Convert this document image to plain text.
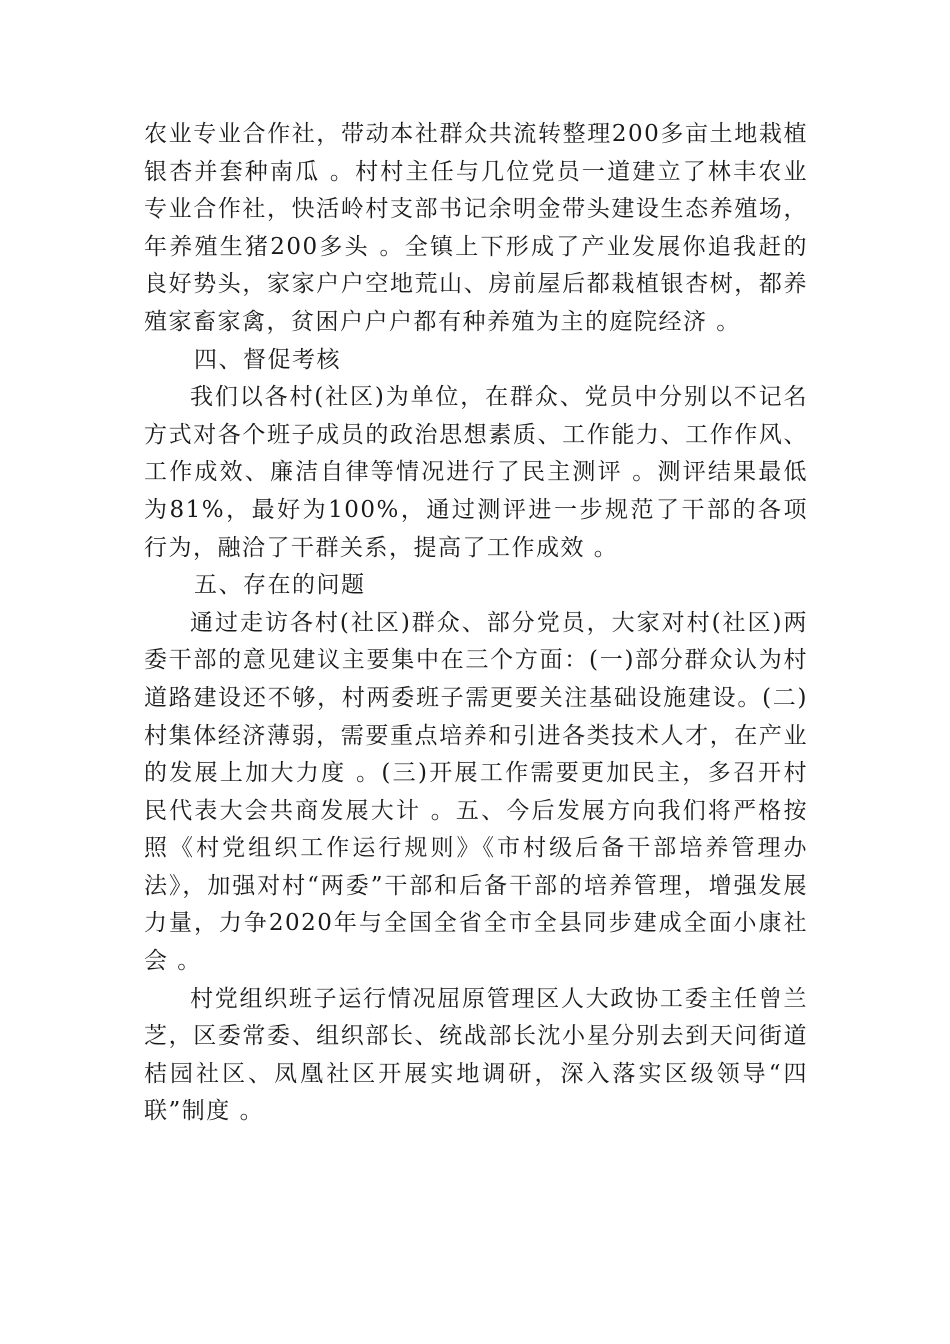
农业专业合作社，带动本社群众共流转整理200多亩土地栽植银杏并套种南瓜 。村村主任与几位党员一道建立了林丰农业专业合作社，快活岭村支部书记余明金带头建设生态养殖场，年养殖生猪200多头 。全镇上下形成了产业发展你追我赶的良好势头，家家户户空地荒山、房前屋后都栽植银杏树，都养殖家畜家禽，贫困户户户都有种养殖为主的庭院经济 。

四、督促考核

我们以各村(社区)为单位，在群众、党员中分别以不记名方式对各个班子成员的政治思想素质、工作能力、工作作风、工作成效、廉洁自律等情况进行了民主测评 。测评结果最低为81%，最好为100%，通过测评进一步规范了干部的各项行为，融洽了干群关系，提高了工作成效 。

五、存在的问题

通过走访各村(社区)群众、部分党员，大家对村(社区)两委干部的意见建议主要集中在三个方面：(一)部分群众认为村道路建设还不够，村两委班子需更要关注基础设施建设。(二)村集体经济薄弱，需要重点培养和引进各类技术人才，在产业的发展上加大力度 。(三)开展工作需要更加民主，多召开村民代表大会共商发展大计 。五、今后发展方向我们将严格按照《村党组织工作运行规则》《市村级后备干部培养管理办法》，加强对村“两委”干部和后备干部的培养管理，增强发展力量，力争2020年与全国全省全市全县同步建成全面小康社会 。

村党组织班子运行情况屈原管理区人大政协工委主任曾兰芝，区委常委、组织部长、统战部长沈小星分别去到天问街道桔园社区、凤凰社区开展实地调研，深入落实区级领导“四联”制度 。
